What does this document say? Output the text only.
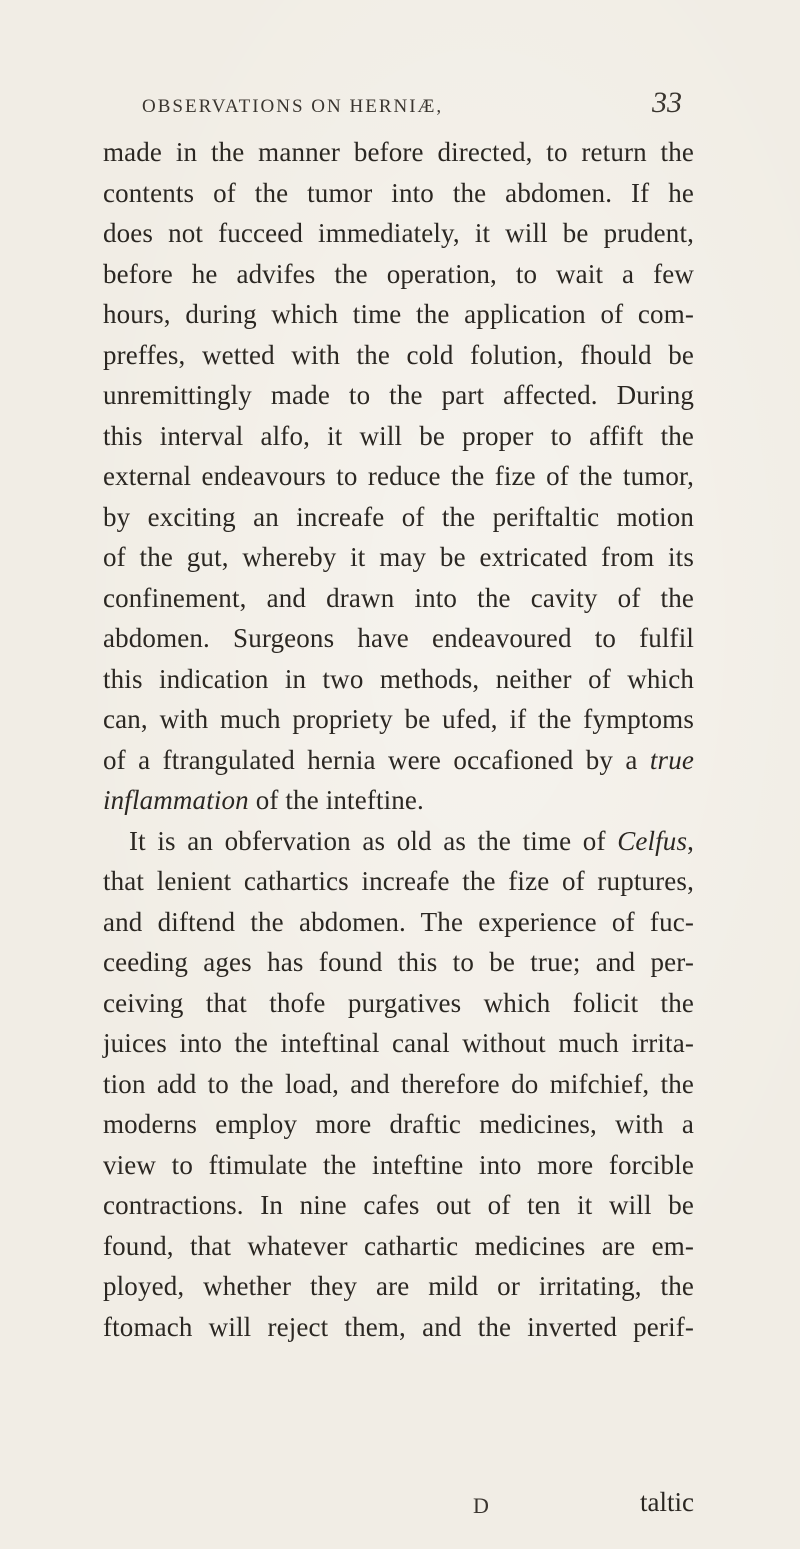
OBSERVATIONS ON HERNIÆ,	33
made in the manner before directed, to return the
contents of the tumor into the abdomen. If he
does not fucceed immediately, it will be prudent,
before he advifes the operation, to wait a few
hours, during which time the application of com-
preffes, wetted with the cold folution, fhould be
unremittingly made to the part affected. During
this interval alfo, it will be proper to affift the
external endeavours to reduce the fize of the tumor,
by exciting an increafe of the periftaltic motion
of the gut, whereby it may be extricated from its
confinement, and drawn into the cavity of the
abdomen. Surgeons have endeavoured to fulfil
this indication in two methods, neither of which
can, with much propriety be ufed, if the fymptoms
of a ftrangulated hernia were occafioned by a true
inflammation of the inteftine.
It is an obfervation as old as the time of Celfus,
that lenient cathartics increafe the fize of ruptures,
and diftend the abdomen. The experience of fuc-
ceeding ages has found this to be true; and per-
ceiving that thofe purgatives which folicit the
juices into the inteftinal canal without much irrita-
tion add to the load, and therefore do mifchief, the
moderns employ more draftic medicines, with a
view to ftimulate the inteftine into more forcible
contractions. In nine cafes out of ten it will be
found, that whatever cathartic medicines are em-
ployed, whether they are mild or irritating, the
ftomach will reject them, and the inverted perif-
D	taltic
